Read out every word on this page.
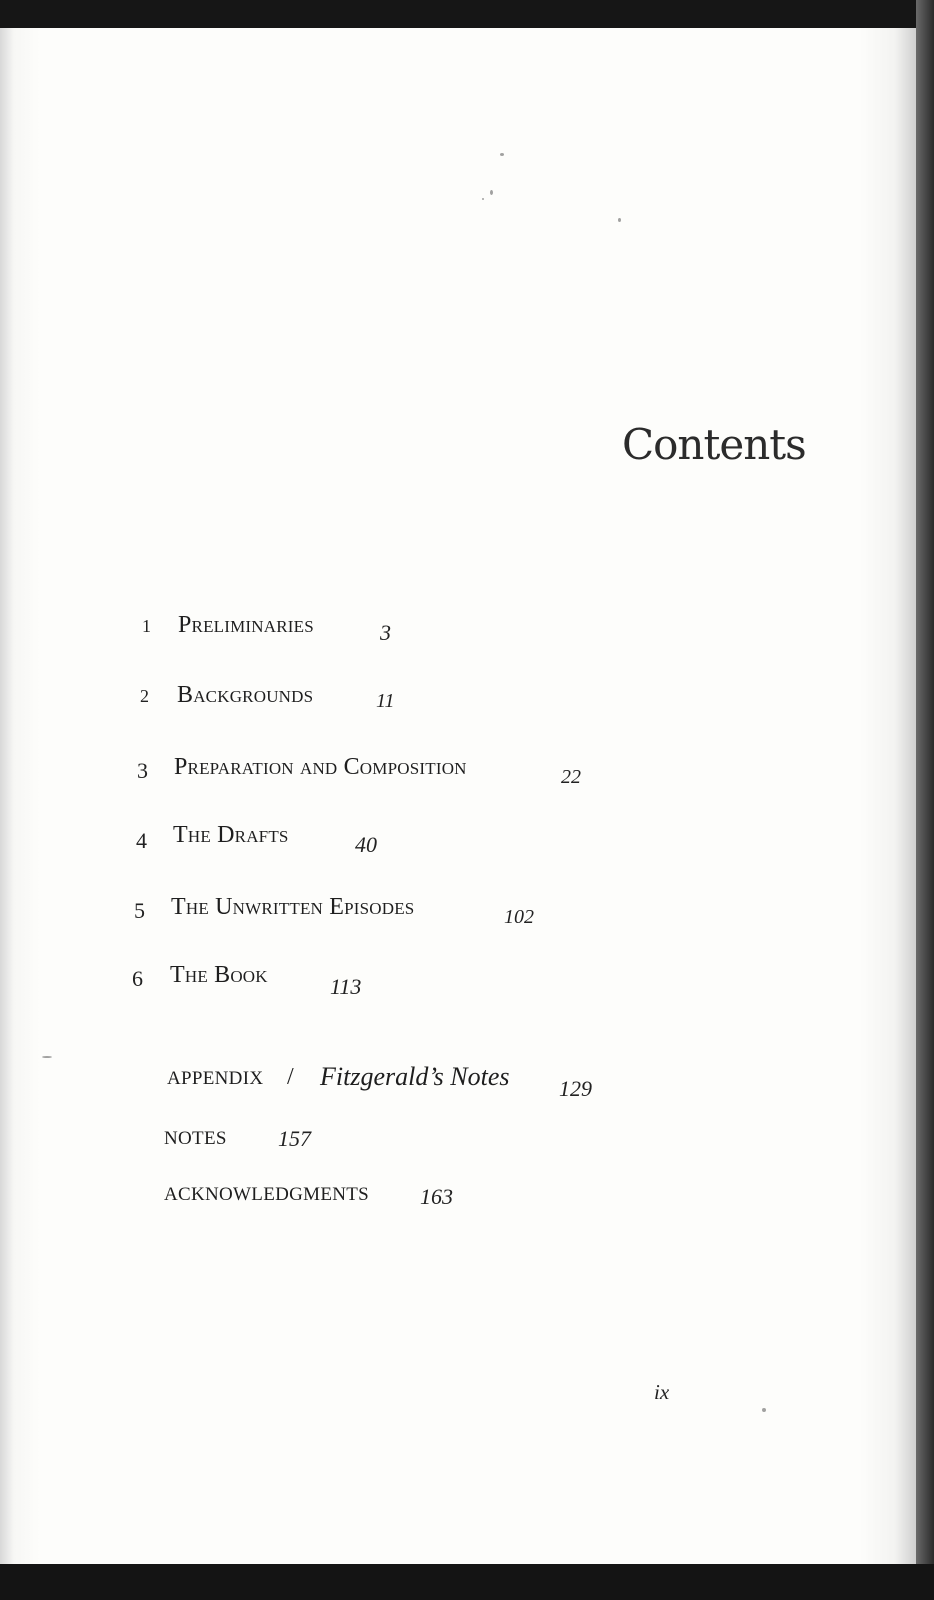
Contents
1 Preliminaries	3
2 Backgrounds	11
3 Preparation and Composition	22
4 The Drafts	40
5 The Unwritten Episodes	102
6 The Book	113
APPENDIX / Fitzgerald’s Notes 129
NOTES 157
ACKNOWLEDGMENTS 163
ix
